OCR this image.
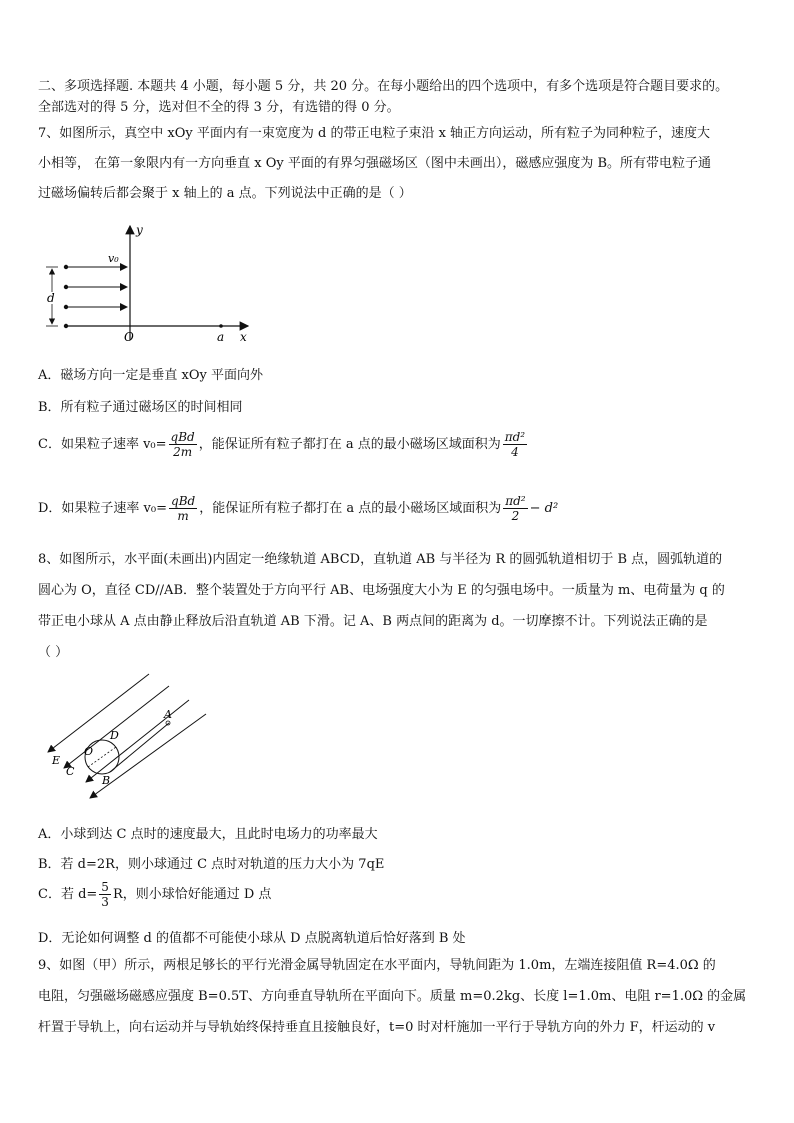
二、多项选择题. 本题共 4 小题，每小题 5 分，共 20 分。在每小题给出的四个选项中，有多个选项是符合题目要求的。
全部选对的得 5 分，选对但不全的得 3 分，有选错的得 0 分。
7、如图所示，真空中 xOy 平面内有一束宽度为 d 的带正电粒子束沿 x 轴正方向运动，所有粒子为同种粒子，速度大
小相等， 在第一象限内有一方向垂直 x Oy 平面的有界匀强磁场区（图中未画出），磁感应强度为 B。所有带电粒子通
过磁场偏转后都会聚于 x 轴上的 a 点。下列说法中正确的是（ ）
y
x
O	a
v₀
d
A．磁场方向一定是垂直 xOy 平面向外
B．所有粒子通过磁场区的时间相同
C．如果粒子速率 $v_0= \frac{\text{qBd}}{2m}$ ，能保证所有粒子都打在 a 点的最小磁场区域面积为 $\frac{\text{πd²}}{4}$
D．如果粒子速率 $v_0= \frac{\text{qBd}}{m}$ ，能保证所有粒子都打在 a 点的最小磁场区域面积为 $\frac{\text{πd²}}{2} - d^2$
8、如图所示，水平面(未画出)内固定一绝缘轨道 ABCD，直轨道 AB 与半径为 R 的圆弧轨道相切于 B 点，圆弧轨道的
圆心为 O，直径 CD//AB．整个装置处于方向平行 AB、电场强度大小为 E 的匀强电场中。一质量为 m、电荷量为 q 的
带正电小球从 A 点由静止释放后沿直轨道 AB 下滑。记 A、B 两点间的距离为 d。一切摩擦不计。下列说法正确的是
（ ）
A
D
O
E
C
B
A．小球到达 C 点时的速度最大，且此时电场力的功率最大
B．若 d=2R，则小球通过 C 点时对轨道的压力大小为 7qE
C．若 $d= \frac{5}{3}$ R，则小球恰好能通过 D 点
D．无论如何调整 d 的值都不可能使小球从 D 点脱离轨道后恰好落到 B 处
9、如图（甲）所示，两根足够长的平行光滑金属导轨固定在水平面内，导轨间距为 1.0m，左端连接阻值 R=4.0Ω 的
电阻，匀强磁场磁感应强度 B=0.5T、方向垂直导轨所在平面向下。质量 m=0.2kg、长度 l=1.0m、电阻 r=1.0Ω 的金属
杆置于导轨上，向右运动并与导轨始终保持垂直且接触良好，t=0 时对杆施加一平行于导轨方向的外力 F，杆运动的 v
